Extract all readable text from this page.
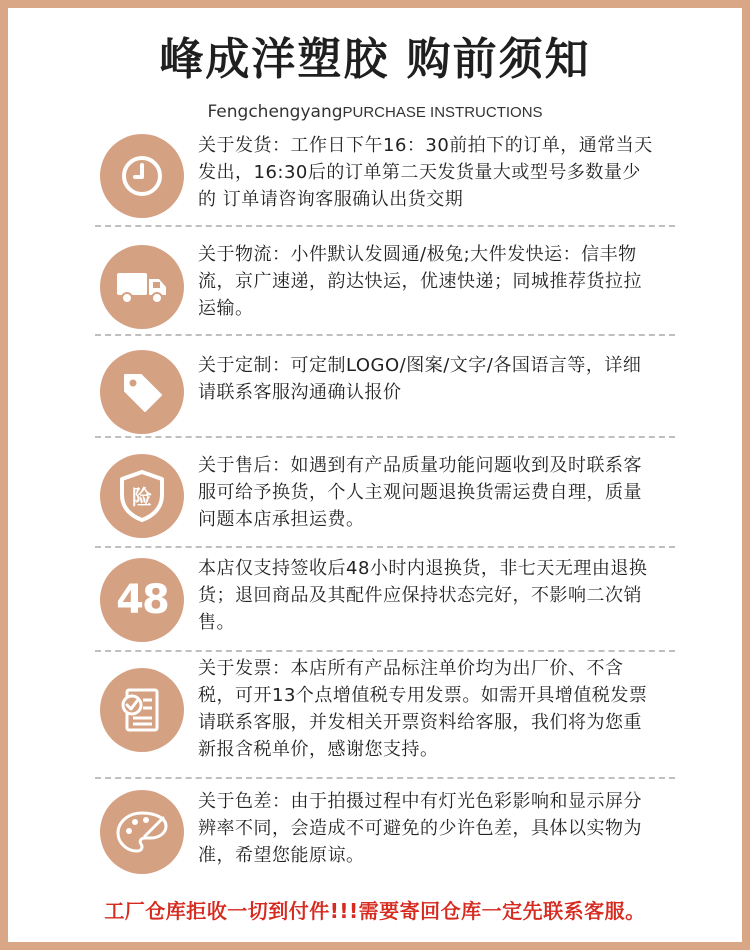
峰成洋塑胶 购前须知
FengchengyangPURCHASE INSTRUCTIONS
关于发货：工作日下午16：30前拍下的订单，通常当天发出，16:30后的订单第二天发货量大或型号多数量少的 订单请咨询客服确认出货交期
关于物流：小件默认发圆通/极兔;大件发快运：信丰物流，京广速递，韵达快运，优速快递；同城推荐货拉拉运输。
关于定制：可定制LOGO/图案/文字/各国语言等，详细请联系客服沟通确认报价
险
关于售后：如遇到有产品质量功能问题收到及时联系客服可给予换货，个人主观问题退换货需运费自理，质量问题本店承担运费。
48
本店仅支持签收后48小时内退换货，非七天无理由退换货；退回商品及其配件应保持状态完好，不影响二次销售。
关于发票：本店所有产品标注单价均为出厂价、不含税，可开13个点增值税专用发票。如需开具增值税发票请联系客服，并发相关开票资料给客服，我们将为您重新报含税单价，感谢您支持。
关于色差：由于拍摄过程中有灯光色彩影响和显示屏分辨率不同，会造成不可避免的少许色差，具体以实物为准，希望您能原谅。
工厂仓库拒收一切到付件!!!需要寄回仓库一定先联系客服。
